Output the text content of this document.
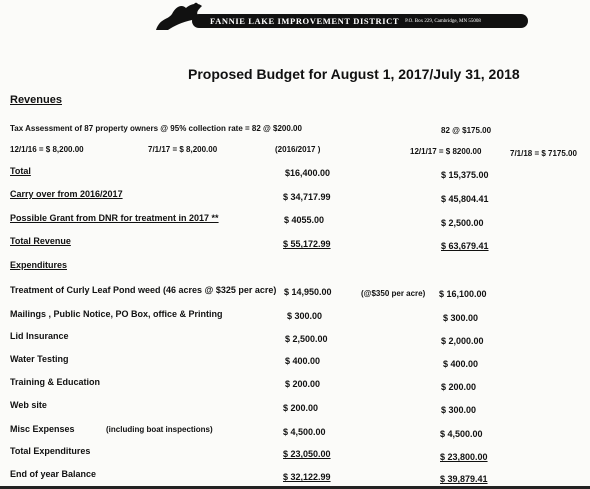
FANNIE LAKE IMPROVEMENT DISTRICT P.O. Box 229, Cambridge, MN 55008
Proposed Budget for August 1, 2017/July 31, 2018
Revenues
Tax Assessment of 87 property owners @ 95% collection rate = 82 @ $200.00	82 @ $175.00
12/1/16 = $ 8,200.00	7/1/17 = $ 8,200.00	(2016/2017 )	12/1/17 = $ 8200.00	7/1/18 = $ 7175.00
Total	$16,400.00	$ 15,375.00
Carry over from 2016/2017	$ 34,717.99	$ 45,804.41
Possible Grant from DNR for treatment in 2017 **	$ 4055.00	$ 2,500.00
Total Revenue	$ 55,172.99	$ 63,679.41
Expenditures
Treatment of Curly Leaf Pond weed (46 acres @ $325 per acre) $ 14,950.00	(@$350 per acre) $ 16,100.00
Mailings , Public Notice, PO Box, office & Printing	$ 300.00	$ 300.00
Lid Insurance	$ 2,500.00	$ 2,000.00
Water Testing	$ 400.00	$ 400.00
Training & Education	$ 200.00	$ 200.00
Web site	$ 200.00	$ 300.00
Misc Expenses	(including boat inspections)	$ 4,500.00	$ 4,500.00
Total Expenditures	$ 23,050.00	$ 23,800.00
End of year Balance	$ 32,122.99	$ 39,879.41
